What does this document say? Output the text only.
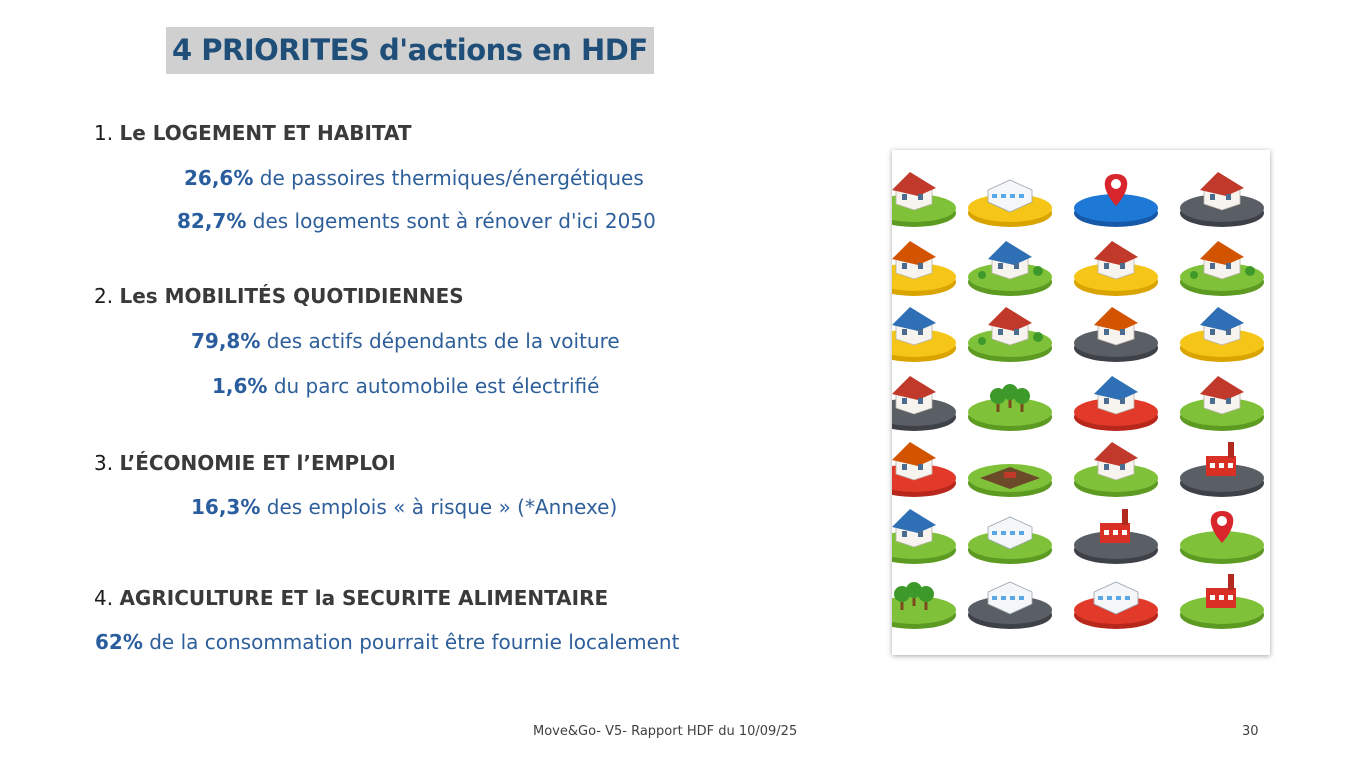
4 PRIORITES d'actions en HDF
1. Le LOGEMENT ET HABITAT
26,6% de passoires thermiques/énergétiques
82,7% des logements sont à rénover d'ici 2050
2. Les MOBILITÉS QUOTIDIENNES
79,8% des actifs dépendants de la voiture
1,6% du parc automobile est électrifié
3. L’ÉCONOMIE ET l’EMPLOI
16,3% des emplois « à risque » (*Annexe)
4. AGRICULTURE ET la SECURITE ALIMENTAIRE
62% de la consommation pourrait être fournie localement
Move&Go- V5- Rapport HDF du 10/09/25	30
